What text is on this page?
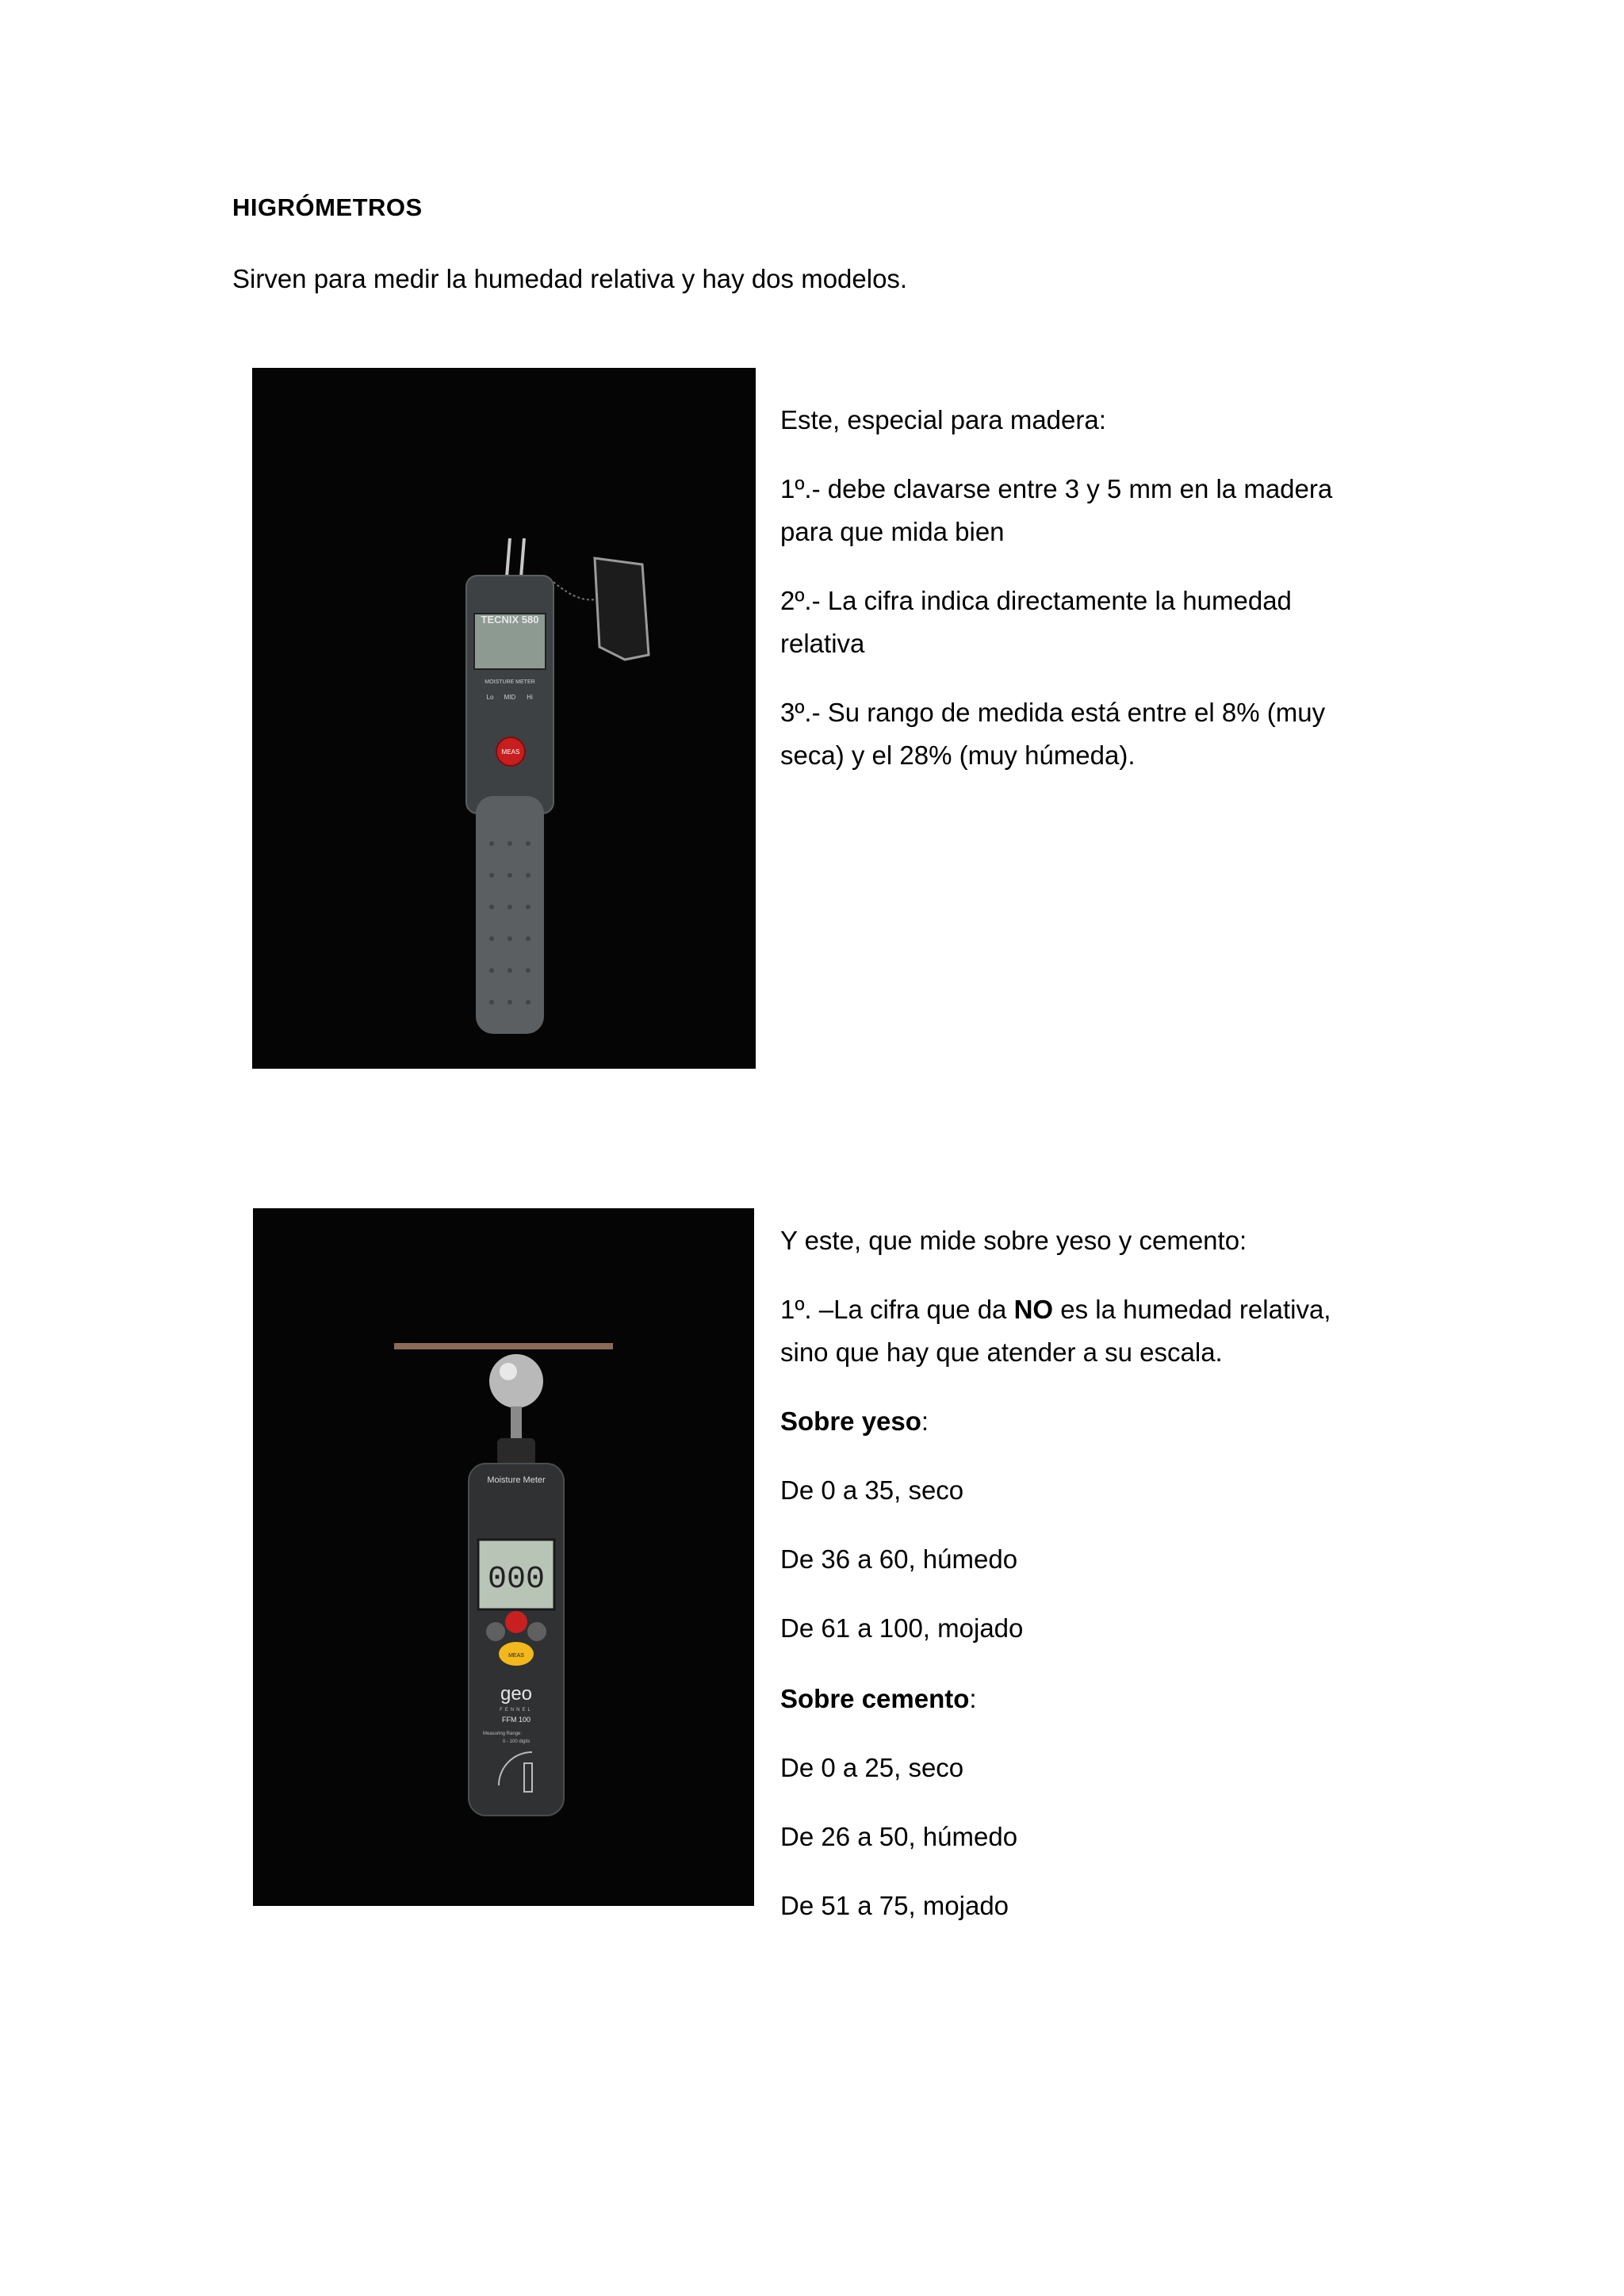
HIGRÓMETROS
Sirven para medir la humedad relativa y hay dos modelos.
TECNIX 580
MOISTURE METER
Lo MID Hi
MEAS

Este, especial para madera:

1º.- debe clavarse entre 3 y 5 mm en la madera para que mida bien

2º.- La cifra indica directamente la humedad relativa

3º.- Su rango de medida está entre el 8% (muy seca) y el 28% (muy húmeda).

Moisture Meter
000
MEAS
geo
FENNEL
FFM 100
Measuring Range:
0 - 100 digits

Y este, que mide sobre yeso y cemento:

1º. –La cifra que da NO es la humedad relativa, sino que hay que atender a su escala.

Sobre yeso:

De 0 a 35, seco

De 36 a 60, húmedo

De 61 a 100, mojado

Sobre cemento:

De 0 a 25, seco

De 26 a 50, húmedo

De 51 a 75, mojado
